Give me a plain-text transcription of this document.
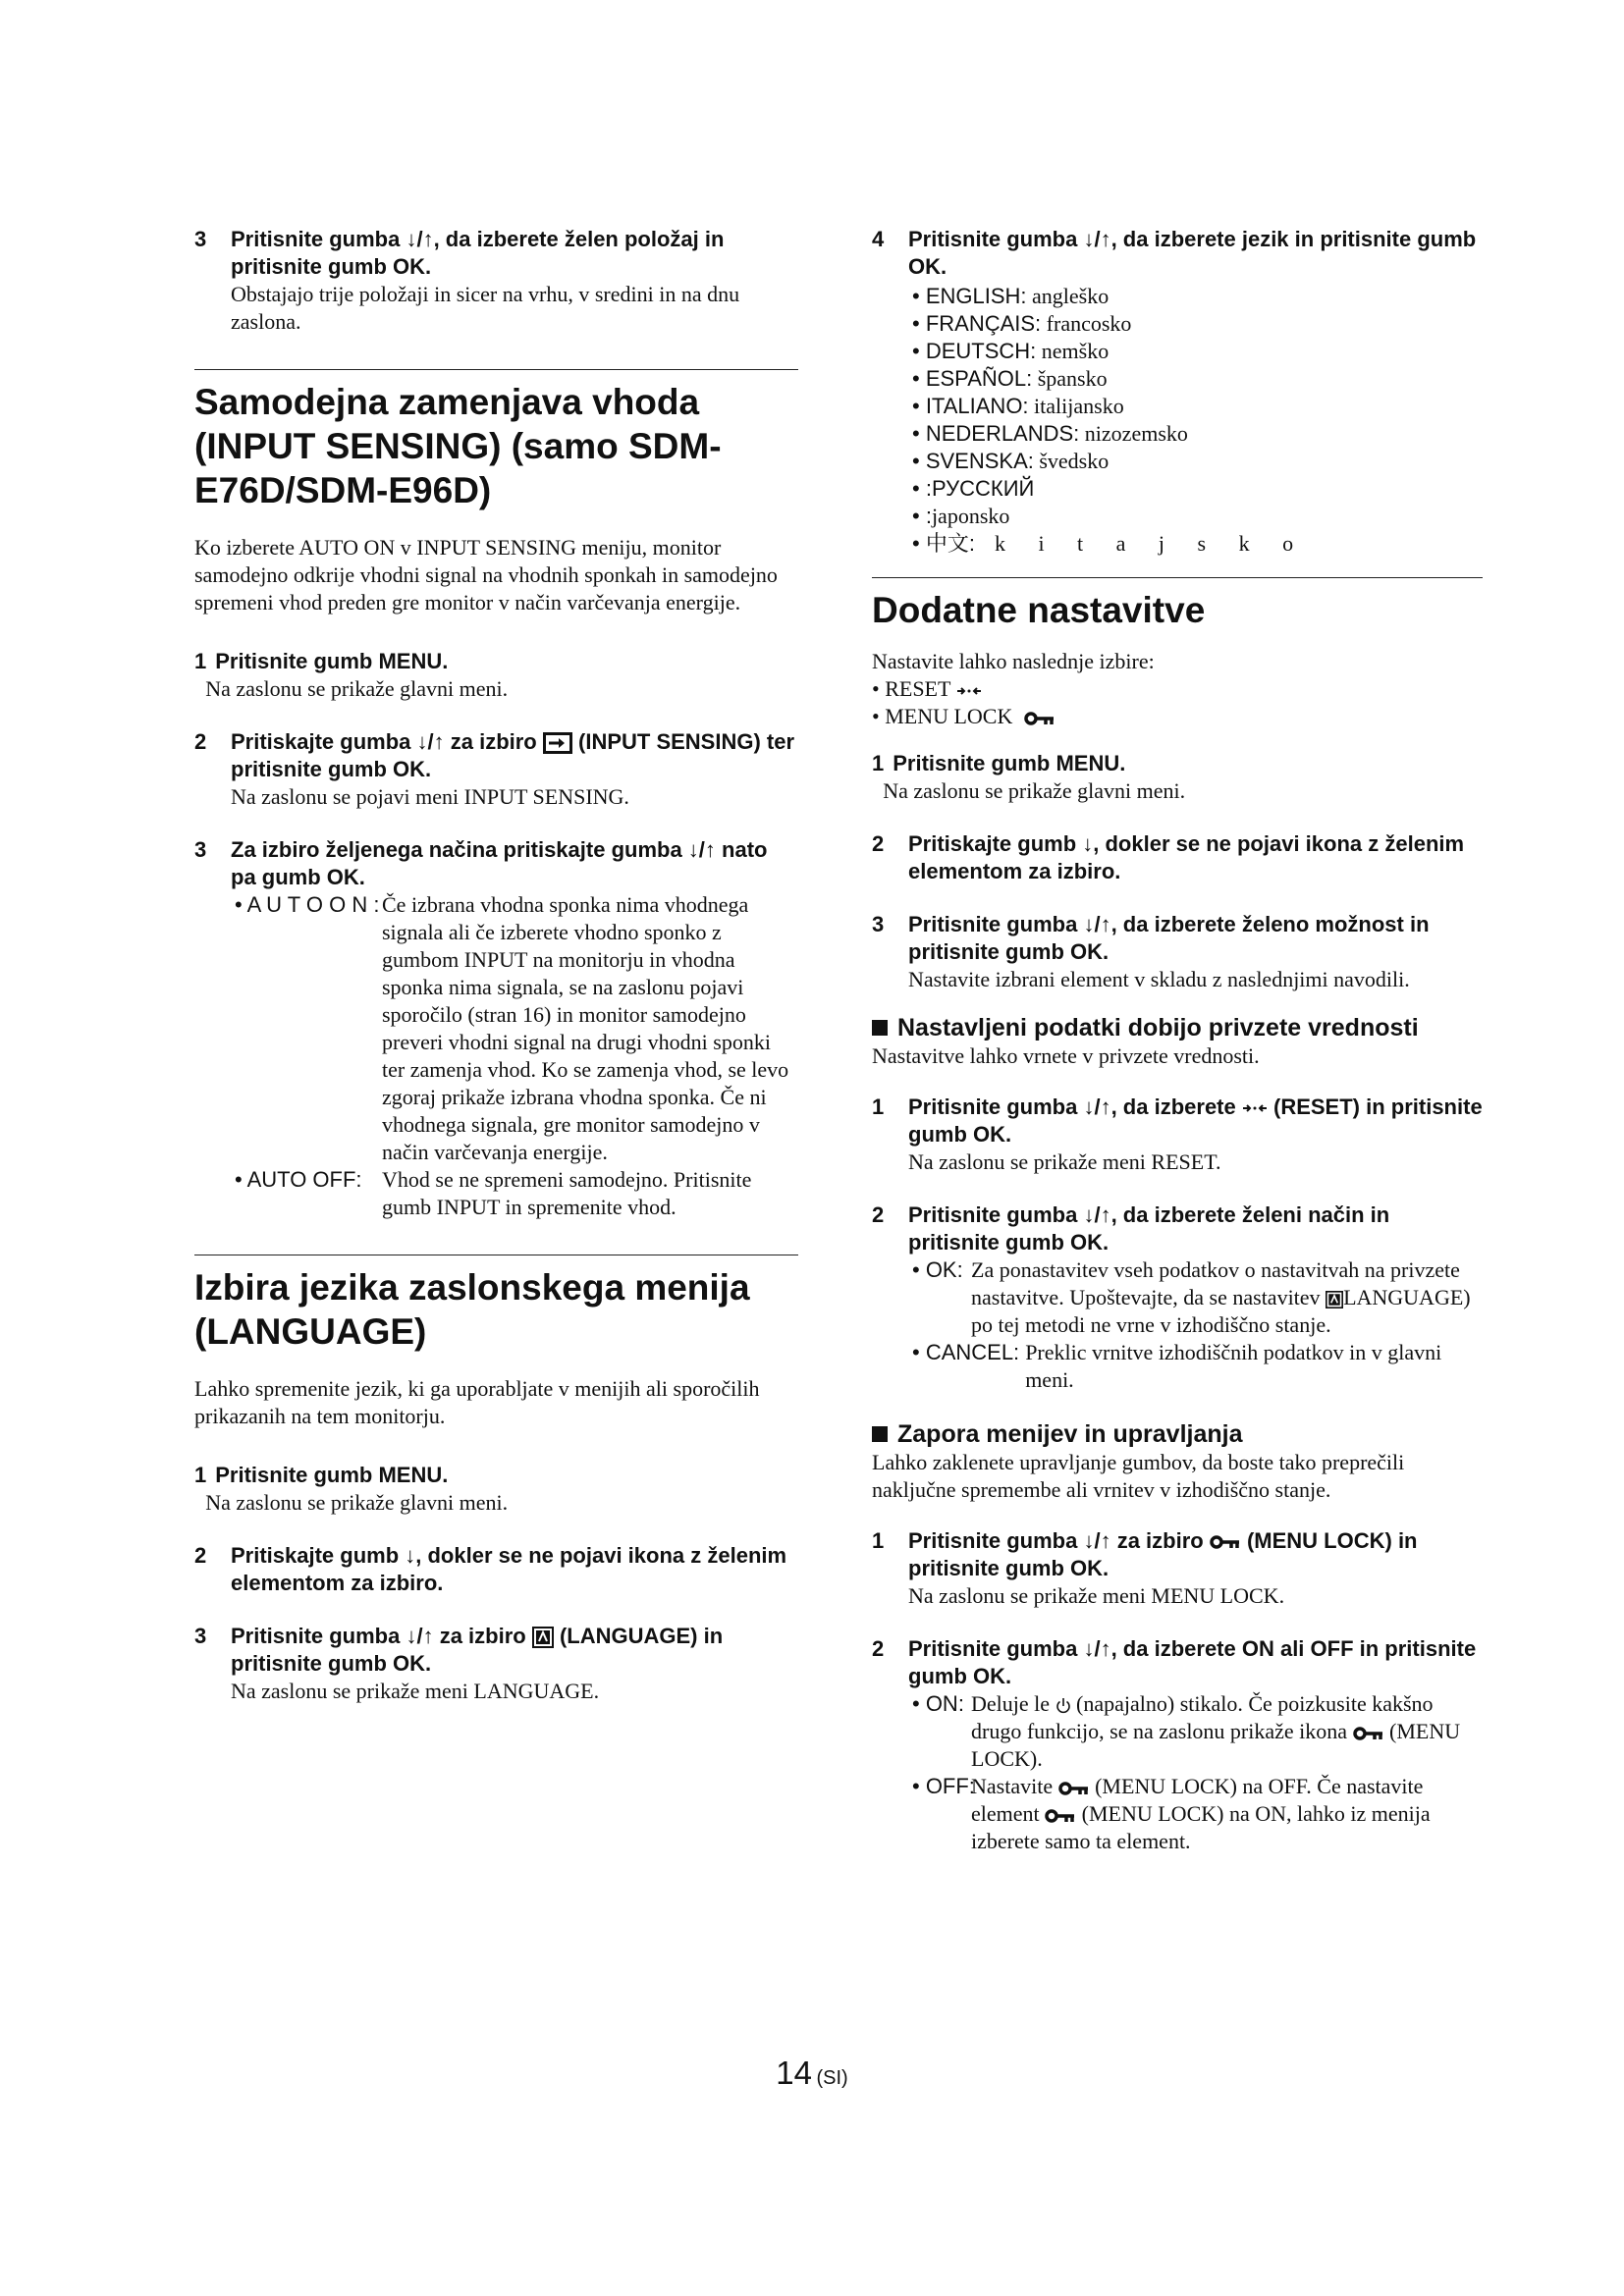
3	Pritisnite gumba ↓/↑, da izberete želen položaj in pritisnite gumb OK.
Obstajajo trije položaji in sicer na vrhu, v sredini in na dnu zaslona.
Samodejna zamenjava vhoda (INPUT SENSING) (samo SDM-E76D/SDM-E96D)
Ko izberete AUTO ON v INPUT SENSING meniju, monitor samodejno odkrije vhodni signal na vhodnih sponkah in samodejno spremeni vhod preden gre monitor v način varčevanja energije.
1 Pritisnite gumb MENU.
Na zaslonu se prikaže glavni meni.
2	Pritiskajte gumba ↓/↑ za izbiro (INPUT SENSING) ter pritisnite gumb OK.
Na zaslonu se pojavi meni INPUT SENSING.
3	Za izbiro željenega načina pritiskajte gumba ↓/↑ nato pa gumb OK.
• A U T O O N : Če izbrana vhodna sponka nima vhodnega signala ali če izberete vhodno sponko z gumbom INPUT na monitorju in vhodna sponka nima signala, se na zaslonu pojavi sporočilo (stran 16) in monitor samodejno preveri vhodni signal na drugi vhodni sponki ter zamenja vhod. Ko se zamenja vhod, se levo zgoraj prikaže izbrana vhodna sponka. Če ni vhodnega signala, gre monitor samodejno v način varčevanja energije.
• AUTO OFF: Vhod se ne spremeni samodejno. Pritisnite gumb INPUT in spremenite vhod.
Izbira jezika zaslonskega menija (LANGUAGE)
Lahko spremenite jezik, ki ga uporabljate v menijih ali sporočilih prikazanih na tem monitorju.
1 Pritisnite gumb MENU.
Na zaslonu se prikaže glavni meni.
2	Pritiskajte gumb ↓, dokler se ne pojavi ikona z želenim elementom za izbiro.
3	Pritisnite gumba ↓/↑ za izbiro (LANGUAGE) in pritisnite gumb OK.
Na zaslonu se prikaže meni LANGUAGE.
4	Pritisnite gumba ↓/↑, da izberete jezik in pritisnite gumb OK.
• ENGLISH: angleško
• FRANÇAIS: francosko
• DEUTSCH: nemško
• ESPAÑOL: špansko
• ITALIANO: italijansko
• NEDERLANDS: nizozemsko
• SVENSKA: švedsko
• :РУССКИЙ
• :japonsko
• 中文: k i t a j s k o
Dodatne nastavitve
Nastavite lahko naslednje izbire:
• RESET
• MENU LOCK
1 Pritisnite gumb MENU.
Na zaslonu se prikaže glavni meni.
2	Pritiskajte gumb ↓, dokler se ne pojavi ikona z želenim elementom za izbiro.
3	Pritisnite gumba ↓/↑, da izberete želeno možnost in pritisnite gumb OK.
Nastavite izbrani element v skladu z naslednjimi navodili.
Nastavljeni podatki dobijo privzete vrednosti
Nastavitve lahko vrnete v privzete vrednosti.
1	Pritisnite gumba ↓/↑, da izberete (RESET) in pritisnite gumb OK.
Na zaslonu se prikaže meni RESET.
2	Pritisnite gumba ↓/↑, da izberete želeni način in pritisnite gumb OK.
• OK: Za ponastavitev vseh podatkov o nastavitvah na privzete nastavitve. Upoštevajte, da se nastavitev LANGUAGE) po tej metodi ne vrne v izhodiščno stanje.
• CANCEL: Preklic vrnitve izhodiščnih podatkov in v glavni meni.
Zapora menijev in upravljanja
Lahko zaklenete upravljanje gumbov, da boste tako preprečili naključne spremembe ali vrnitev v izhodiščno stanje.
1	Pritisnite gumba ↓/↑ za izbiro (MENU LOCK) in pritisnite gumb OK.
Na zaslonu se prikaže meni MENU LOCK.
2	Pritisnite gumba ↓/↑, da izberete ON ali OFF in pritisnite gumb OK.
• ON: Deluje le (napajalno) stikalo. Če poizkusite kakšno drugo funkcijo, se na zaslonu prikaže ikona (MENU LOCK).
• OFF:
Nastavite (MENU LOCK) na OFF. Če nastavite element (MENU LOCK) na ON, lahko iz menija izberete samo ta element.
14 (SI)
